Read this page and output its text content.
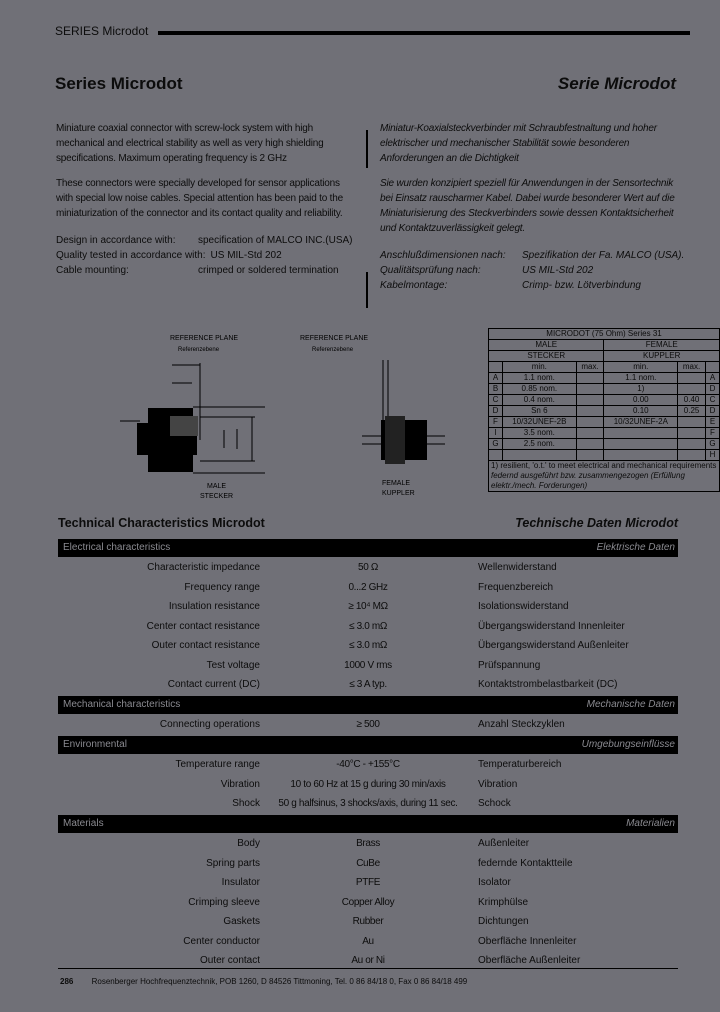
SERIES Microdot
Series Microdot	Serie Microdot

Miniature coaxial connector with screw-lock system with high mechanical and electrical stability as well as very high shielding specifications. Maximum operating frequency is 2 GHz

These connectors were specially developed for sensor applications with special low noise cables. Special attention has been paid to the miniaturization of the connector and its contact quality and reliability.

Design in accordance with: specification of MALCO INC.(USA)
Quality tested in accordance with: US MIL-Std 202
Cable mounting:	crimped or soldered termination

Miniatur-Koaxialsteckverbinder mit Schraubfestnaltung und hoher elektrischer und mechanischer Stabilität sowie besonderen Anforderungen an die Dichtigkeit

Sie wurden konzipiert speziell für Anwendungen in der Sensortechnik bei Einsatz rauscharmer Kabel. Dabei wurde besonderer Wert auf die Miniaturisierung des Steckverbinders sowie dessen Kontaktsicherheit und Kontaktzuverlässigkeit gelegt.

Anschlußdimensionen nach: Spezifikation der Fa. MALCO (USA).
Qualitätsprüfung nach:	US MIL-Std 202
Kabelmontage:	Crimp- bzw. Lötverbindung
REFERENCE PLANE
Referenzebene
REFERENCE PLANE
Referenzebene
MALE
STECKER
FEMALE
KUPPLER
MICRODOT (75 Ohm) Series 31					
MALE			FEMALE		
STECKER			KUPPLER		
	min.	max.	min.	max.	
A	1.1 nom.		1.1 nom.		A
B	0.85 nom.		1)		D
C	0.4 nom.		0.00	0.40	C
D	Sn 6		0.10	0.25	D
F	10/32UNEF-2B		10/32UNEF-2A		E
I	3.5 nom.				F
G	2.5 nom.				G
					H

1) resilient, 'o.t.' to meet electrical and mechanical requirements
federnd ausgeführt bzw. zusammengezogen (Erfüllung elektr./mech. Forderungen)					
Technical Characteristics Microdot	Technische Daten Microdot
Electrical characteristics	Elektrische Daten
Characteristic impedance	50 Ω	Wellenwiderstand
Frequency range	0...2 GHz	Frequenzbereich
Insulation resistance	≥ 10⁴ MΩ	Isolationswiderstand
Center contact resistance	≤ 3.0 mΩ	Übergangswiderstand Innenleiter
Outer contact resistance	≤ 3.0 mΩ	Übergangswiderstand Außenleiter
Test voltage	1000 V rms	Prüfspannung
Contact current (DC)	≤ 3 A typ.	Kontaktstrombelastbarkeit (DC)
Mechanical characteristics	Mechanische Daten
Connecting operations	≥ 500	Anzahl Steckzyklen
Environmental	Umgebungseinflüsse
Temperature range	-40°C - +155°C	Temperaturbereich
Vibration	10 to 60 Hz at 15 g during 30 min/axis	Vibration
Shock	50 g halfsinus, 3 shocks/axis, during 11 sec.	Schock
Materials	Materialien
Body	Brass	Außenleiter
Spring parts	CuBe	federnde Kontaktteile
Insulator	PTFE	Isolator
Crimping sleeve	Copper Alloy	Krimphülse
Gaskets	Rubber	Dichtungen
Center conductor	Au	Oberfläche Innenleiter
Outer contact	Au or Ni	Oberfläche Außenleiter
286 Rosenberger Hochfrequenztechnik, POB 1260, D 84526 Tittmoning, Tel. 0 86 84/18 0, Fax 0 86 84/18 499
